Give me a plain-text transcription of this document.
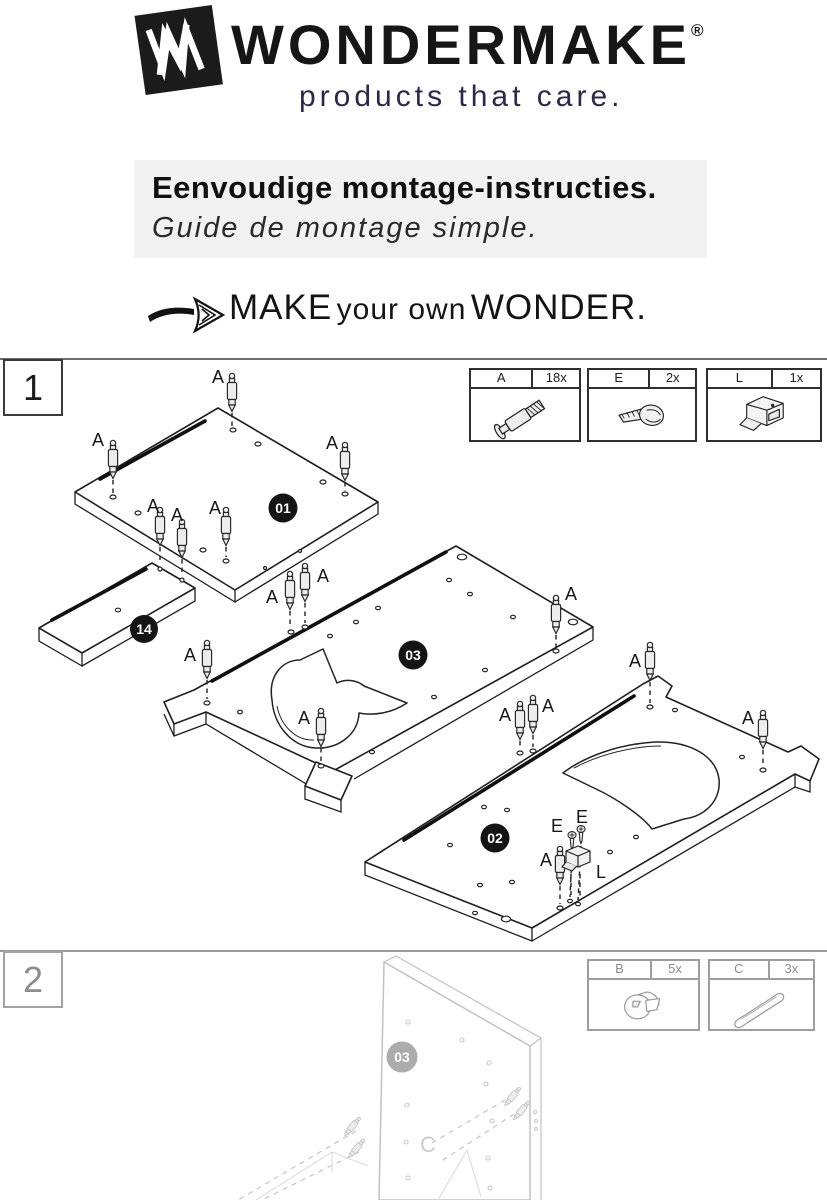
WONDERMAKE®
products that care.
Eenvoudige montage-instructies.
Guide de montage simple.
MAKE your own WONDER.
1
2
A	18x	E	2x	L	1x
B	5x	C	3x
A
A	A
A A A
A
A
A
A
A	A A
A
A
A
E E
L
01
14
03
02
C
03
